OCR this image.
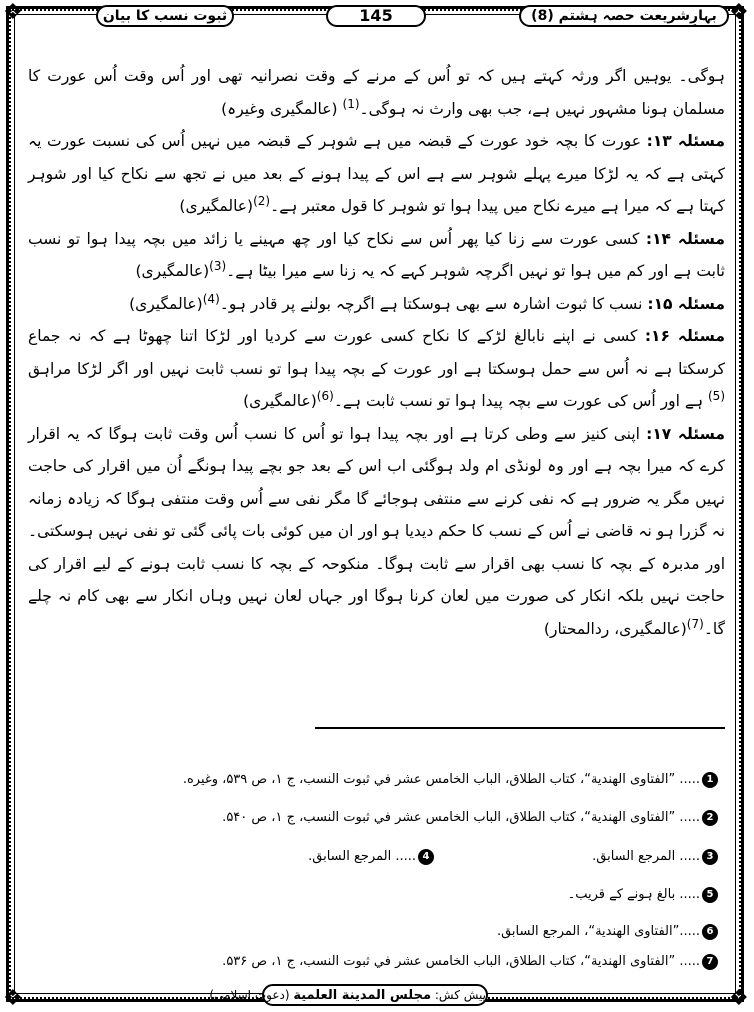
❖	❖
❖	❖
بہارِشریعت حصہ ہشتم (8)
145
ثبوت نسب کا بیان

ہوگی۔ یوہیں اگر ورثہ کہتے ہیں کہ تو اُس کے مرنے کے وقت نصرانیہ تھی اور اُس وقت اُس عورت کا مسلمان ہونا مشہور نہیں ہے، جب بھی وارث نہ ہوگی۔$^{(1)}$ (عالمگیری وغیرہ)

مسئلہ ۱۳: عورت کا بچہ خود عورت کے قبضہ میں ہے شوہر کے قبضہ میں نہیں اُس کی نسبت عورت یہ کہتی ہے کہ یہ لڑکا میرے پہلے شوہر سے ہے اس کے پیدا ہونے کے بعد میں نے تجھ سے نکاح کیا اور شوہر کہتا ہے کہ میرا ہے میرے نکاح میں پیدا ہوا تو شوہر کا قول معتبر ہے۔$^{(2)}$(عالمگیری)

مسئلہ ۱۴: کسی عورت سے زنا کیا پھر اُس سے نکاح کیا اور چھ مہینے یا زائد میں بچہ پیدا ہوا تو نسب ثابت ہے اور کم میں ہوا تو نہیں اگرچہ شوہر کہے کہ یہ زنا سے میرا بیٹا ہے۔$^{(3)}$(عالمگیری)

مسئلہ ۱۵: نسب کا ثبوت اشارہ سے بھی ہوسکتا ہے اگرچہ بولنے پر قادر ہو۔$^{(4)}$(عالمگیری)

مسئلہ ۱۶: کسی نے اپنے نابالغ لڑکے کا نکاح کسی عورت سے کردیا اور لڑکا اتنا چھوٹا ہے کہ نہ جماع کرسکتا ہے نہ اُس سے حمل ہوسکتا ہے اور عورت کے بچہ پیدا ہوا تو نسب ثابت نہیں اور اگر لڑکا مراہق $^{(5)}$ ہے اور اُس کی عورت سے بچہ پیدا ہوا تو نسب ثابت ہے۔$^{(6)}$(عالمگیری)

مسئلہ ۱۷: اپنی کنیز سے وطی کرتا ہے اور بچہ پیدا ہوا تو اُس کا نسب اُس وقت ثابت ہوگا کہ یہ اقرار کرے کہ میرا بچہ ہے اور وہ لونڈی ام ولد ہوگئی اب اس کے بعد جو بچے پیدا ہونگے اُن میں اقرار کی حاجت نہیں مگر یہ ضرور ہے کہ نفی کرنے سے منتفی ہوجائے گا مگر نفی سے اُس وقت منتفی ہوگا کہ زیادہ زمانہ نہ گزرا ہو نہ قاضی نے اُس کے نسب کا حکم دیدیا ہو اور ان میں کوئی بات پائی گئی تو نفی نہیں ہوسکتی۔ اور مدبرہ کے بچہ کا نسب بھی اقرار سے ثابت ہوگا۔ منکوحہ کے بچہ کا نسب ثابت ہونے کے لیے اقرار کی حاجت نہیں بلکہ انکار کی صورت میں لعان کرنا ہوگا اور جہاں لعان نہیں وہاں انکار سے بھی کام نہ چلے گا۔$^{(7)}$(عالمگیری، ردالمحتار)

1..... ”الفتاوى الهندية“، كتاب الطلاق، الباب الخامس عشر في ثبوت النسب، ج ۱، ص ۵۳۹، وغيره.
2..... ”الفتاوى الهندية“، كتاب الطلاق، الباب الخامس عشر في ثبوت النسب، ج ۱، ص ۵۴۰.
3..... المرجع السابق.
4..... المرجع السابق.
5..... بالغ ہونے کے قریب۔
6.....”الفتاوى الهندية“، المرجع السابق.
7..... ”الفتاوى الهندية“، كتاب الطلاق، الباب الخامس عشر في ثبوت النسب، ج ۱، ص ۵۳۶.
پیش کش: مجلس المدينة العلمية (دعوت اسلامی)
